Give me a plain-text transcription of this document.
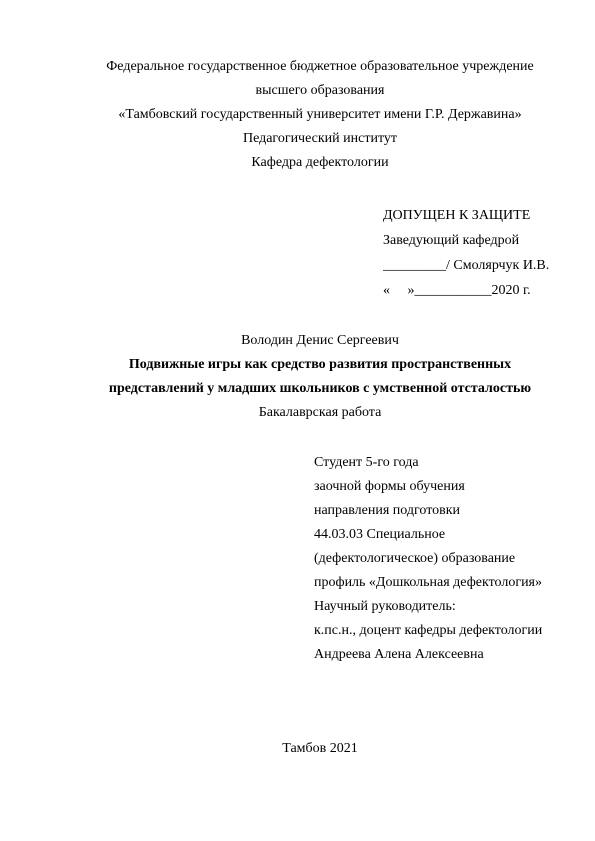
Федеральное государственное бюджетное образовательное учреждение
высшего образования
«Тамбовский государственный университет имени Г.Р. Державина»
Педагогический институт
Кафедра дефектологии
ДОПУЩЕН К ЗАЩИТЕ
Заведующий кафедрой
_________/ Смолярчук И.В.
«     »___________2020 г.
Володин Денис Сергеевич
Подвижные игры как средство развития пространственных
представлений у младших школьников с умственной отсталостью
Бакалаврская работа
Студент 5-го года
заочной формы обучения
направления подготовки
44.03.03 Специальное
(дефектологическое) образование
профиль «Дошкольная дефектология»
Научный руководитель:
к.пс.н., доцент кафедры дефектологии
Андреева Алена Алексеевна
Тамбов 2021
